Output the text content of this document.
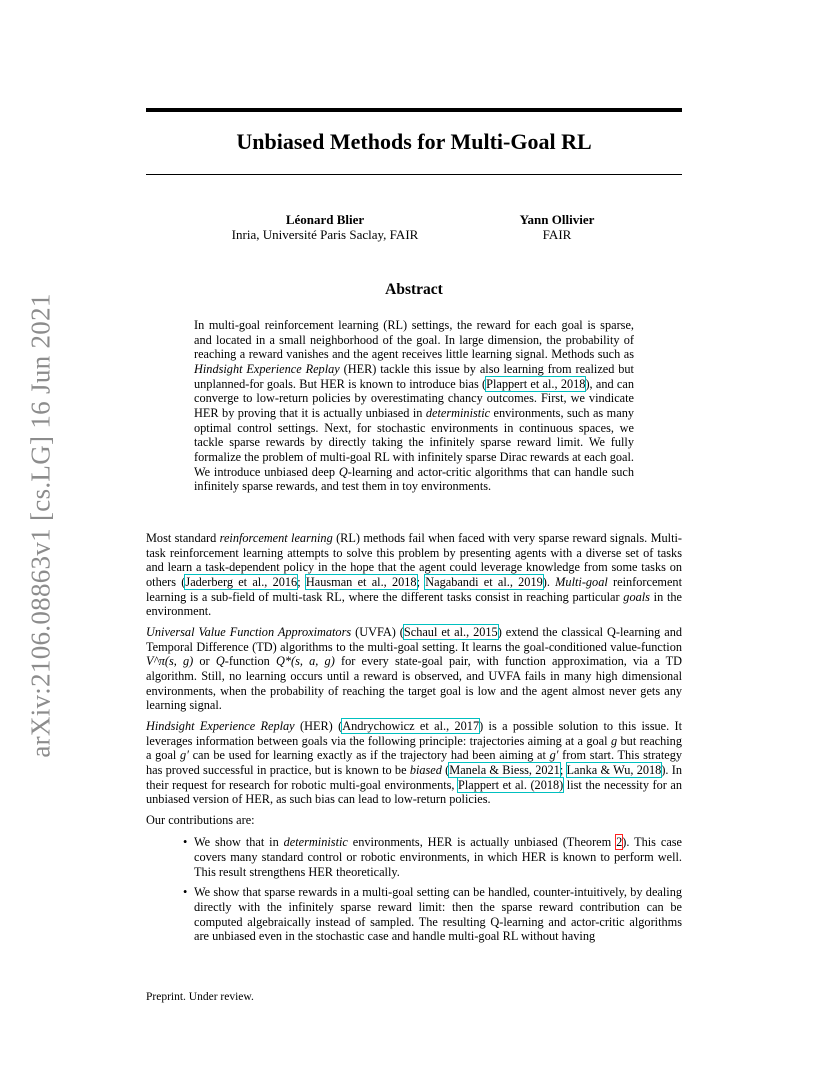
arXiv:2106.08863v1 [cs.LG] 16 Jun 2021
Unbiased Methods for Multi-Goal RL
Léonard Blier
Inria, Université Paris Saclay, FAIR
Yann Ollivier
FAIR
Abstract
In multi-goal reinforcement learning (RL) settings, the reward for each goal is sparse, and located in a small neighborhood of the goal. In large dimension, the probability of reaching a reward vanishes and the agent receives little learning signal. Methods such as Hindsight Experience Replay (HER) tackle this issue by also learning from realized but unplanned-for goals. But HER is known to introduce bias (Plappert et al., 2018), and can converge to low-return policies by overestimating chancy outcomes. First, we vindicate HER by proving that it is actually unbiased in deterministic environments, such as many optimal control settings. Next, for stochastic environments in continuous spaces, we tackle sparse rewards by directly taking the infinitely sparse reward limit. We fully formalize the problem of multi-goal RL with infinitely sparse Dirac rewards at each goal. We introduce unbiased deep Q-learning and actor-critic algorithms that can handle such infinitely sparse rewards, and test them in toy environments.

Most standard reinforcement learning (RL) methods fail when faced with very sparse reward signals. Multi-task reinforcement learning attempts to solve this problem by presenting agents with a diverse set of tasks and learn a task-dependent policy in the hope that the agent could leverage knowledge from some tasks on others (Jaderberg et al., 2016; Hausman et al., 2018; Nagabandi et al., 2019). Multi-goal reinforcement learning is a sub-field of multi-task RL, where the different tasks consist in reaching particular goals in the environment.

Universal Value Function Approximators (UVFA) (Schaul et al., 2015) extend the classical Q-learning and Temporal Difference (TD) algorithms to the multi-goal setting. It learns the goal-conditioned value-function V^π(s, g) or Q-function Q*(s, a, g) for every state-goal pair, with function approximation, via a TD algorithm. Still, no learning occurs until a reward is observed, and UVFA fails in many high dimensional environments, when the probability of reaching the target goal is low and the agent almost never gets any learning signal.

Hindsight Experience Replay (HER) (Andrychowicz et al., 2017) is a possible solution to this issue. It leverages information between goals via the following principle: trajectories aiming at a goal g but reaching a goal g′ can be used for learning exactly as if the trajectory had been aiming at g′ from start. This strategy has proved successful in practice, but is known to be biased (Manela & Biess, 2021; Lanka & Wu, 2018). In their request for research for robotic multi-goal environments, Plappert et al. (2018) list the necessity for an unbiased version of HER, as such bias can lead to low-return policies.

Our contributions are:

• We show that in deterministic environments, HER is actually unbiased (Theorem 2). This case covers many standard control or robotic environments, in which HER is known to perform well. This result strengthens HER theoretically.
• We show that sparse rewards in a multi-goal setting can be handled, counter-intuitively, by dealing directly with the infinitely sparse reward limit: then the sparse reward contribution can be computed algebraically instead of sampled. The resulting Q-learning and actor-critic algorithms are unbiased even in the stochastic case and handle multi-goal RL without having
Preprint. Under review.
